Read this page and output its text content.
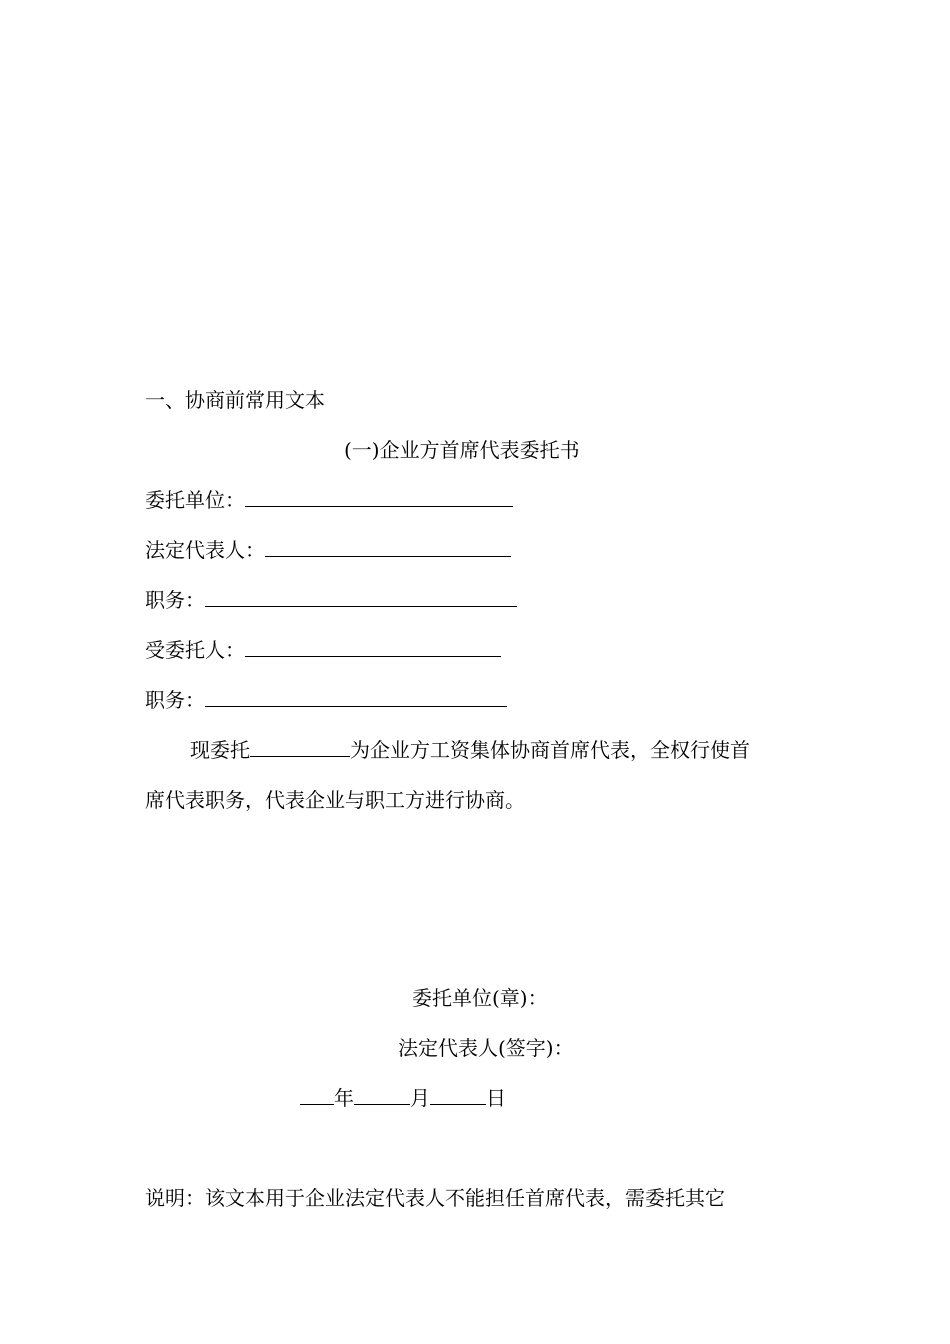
一、协商前常用文本
(一)企业方首席代表委托书
委托单位：
法定代表人：
职务：
受委托人：
职务：
现委托	为企业方工资集体协商首席代表，全权行使首
席代表职务，代表企业与职工方进行协商。
委托单位(章)：
法定代表人(签字)：
年	月	日
说明：该文本用于企业法定代表人不能担任首席代表，需委托其它
